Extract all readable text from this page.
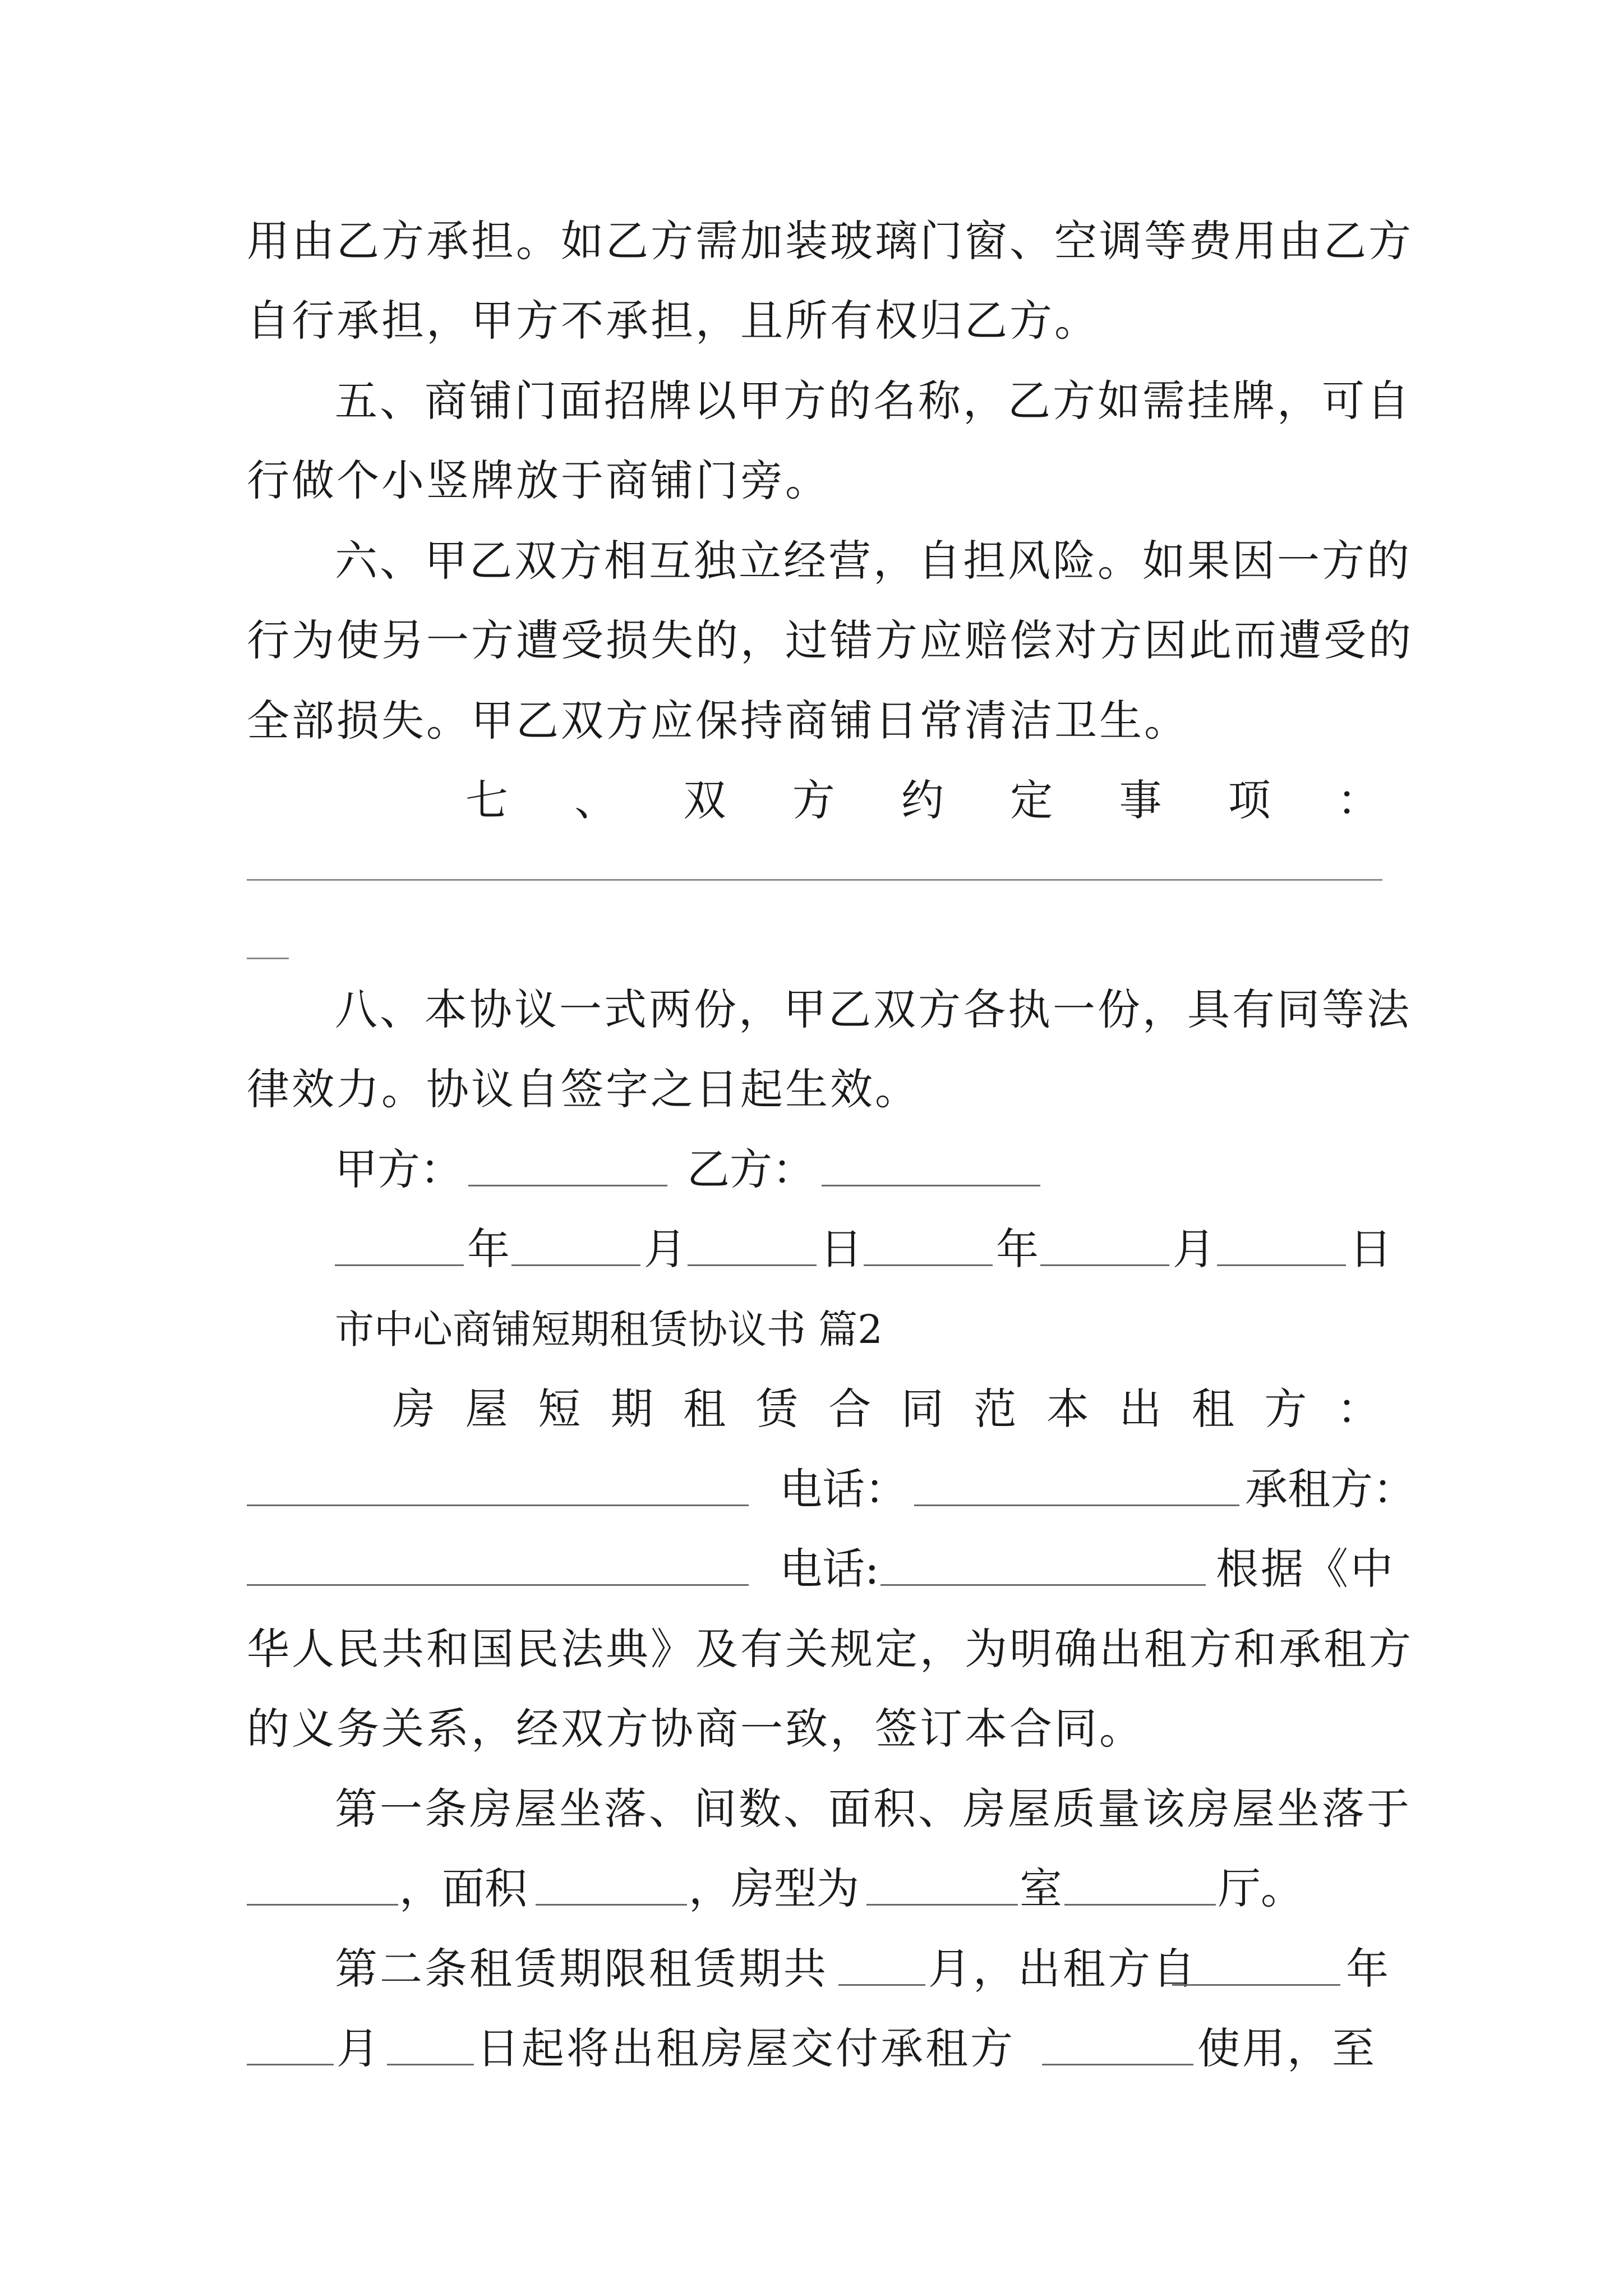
用由乙方承担。如乙方需加装玻璃门窗、空调等费用由乙方
自行承担，甲方不承担，且所有权归乙方。
五、商铺门面招牌以甲方的名称，乙方如需挂牌，可自
行做个小竖牌放于商铺门旁。
六、甲乙双方相互独立经营，自担风险。如果因一方的
行为使另一方遭受损失的，过错方应赔偿对方因此而遭受的
全部损失。甲乙双方应保持商铺日常清洁卫生。
七 、 双 方 约 定 事 项 ：
八、本协议一式两份，甲乙双方各执一份，具有同等法
律效力。协议自签字之日起生效。
甲方：	乙方：
年	月	日	年	月	日
市中心商铺短期租赁协议书 篇2
房 屋 短 期 租 赁 合 同 范 本 出 租 方 ：
电话：	承租方：
电话:	根据《中
华人民共和国民法典》及有关规定，为明确出租方和承租方
的义务关系，经双方协商一致，签订本合同。
第一条房屋坐落、间数、面积、房屋质量该房屋坐落于
，面积	，房型为	室	厅。
第二条租赁期限租赁期共 月，出租方自	年
月 日起将出租房屋交付承租方	使用，至
